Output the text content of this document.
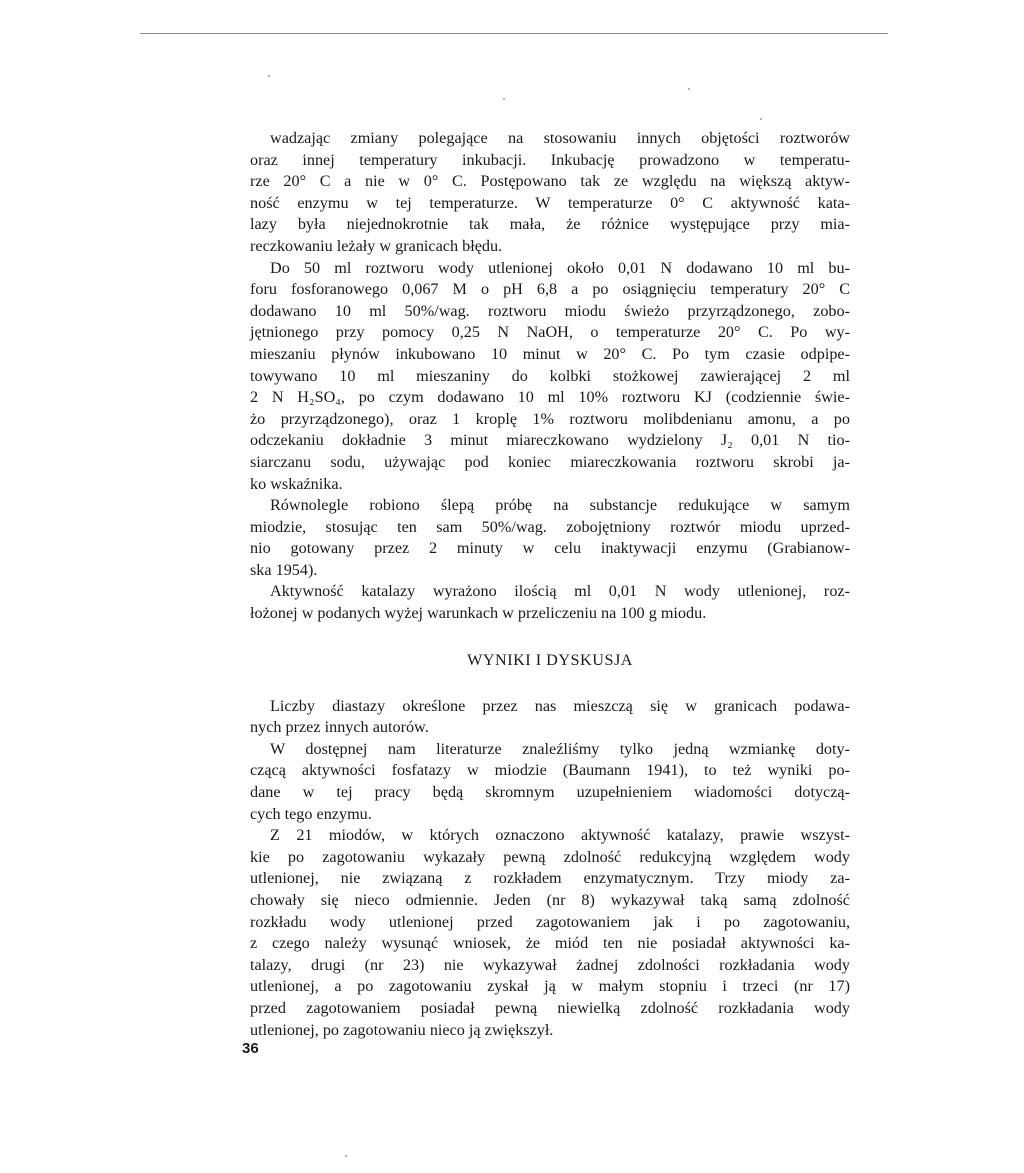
wadzając zmiany polegające na stosowaniu innych objętości roztworów
oraz innej temperatury inkubacji. Inkubację prowadzono w temperatu-
rze 20° C a nie w 0° C. Postępowano tak ze względu na większą aktyw-
ność enzymu w tej temperaturze. W temperaturze 0° C aktywność kata-
lazy była niejednokrotnie tak mała, że różnice występujące przy mia-
reczkowaniu leżały w granicach błędu.

Do 50 ml roztworu wody utlenionej około 0,01 N dodawano 10 ml bu-
foru fosforanowego 0,067 M o pH 6,8 a po osiągnięciu temperatury 20° C
dodawano 10 ml 50%/wag. roztworu miodu świeżo przyrządzonego, zobo-
jętnionego przy pomocy 0,25 N NaOH, o temperaturze 20° C. Po wy-
mieszaniu płynów inkubowano 10 minut w 20° C. Po tym czasie odpipe-
towywano 10 ml mieszaniny do kolbki stożkowej zawierającej 2 ml
2 N H₂SO₄, po czym dodawano 10 ml 10% roztworu KJ (codziennie świe-
żo przyrządzonego), oraz 1 kroplę 1% roztworu molibdenianu amonu, a po
odczekaniu dokładnie 3 minut miareczkowano wydzielony J₂ 0,01 N tio-
siarczanu sodu, używając pod koniec miareczkowania roztworu skrobi ja-
ko wskaźnika.

Równolegle robiono ślepą próbę na substancje redukujące w samym
miodzie, stosując ten sam 50%/wag. zobojętniony roztwór miodu uprzed-
nio gotowany przez 2 minuty w celu inaktywacji enzymu (Grabianow-
ska 1954).

Aktywność katalazy wyrażono ilością ml 0,01 N wody utlenionej, roz-
łożonej w podanych wyżej warunkach w przeliczeniu na 100 g miodu.

WYNIKI I DYSKUSJA

Liczby diastazy określone przez nas mieszczą się w granicach podawa-
nych przez innych autorów.

W dostępnej nam literaturze znaleźliśmy tylko jedną wzmiankę doty-
czącą aktywności fosfatazy w miodzie (Baumann 1941), to też wyniki po-
dane w tej pracy będą skromnym uzupełnieniem wiadomości dotyczą-
cych tego enzymu.

Z 21 miodów, w których oznaczono aktywność katalazy, prawie wszyst-
kie po zagotowaniu wykazały pewną zdolność redukcyjną względem wody
utlenionej, nie związaną z rozkładem enzymatycznym. Trzy miody za-
chowały się nieco odmiennie. Jeden (nr 8) wykazywał taką samą zdolność
rozkładu wody utlenionej przed zagotowaniem jak i po zagotowaniu,
z czego należy wysunąć wniosek, że miód ten nie posiadał aktywności ka-
talazy, drugi (nr 23) nie wykazywał żadnej zdolności rozkładania wody
utlenionej, a po zagotowaniu zyskał ją w małym stopniu i trzeci (nr 17)
przed zagotowaniem posiadał pewną niewielką zdolność rozkładania wody
utlenionej, po zagotowaniu nieco ją zwiększył.

36
